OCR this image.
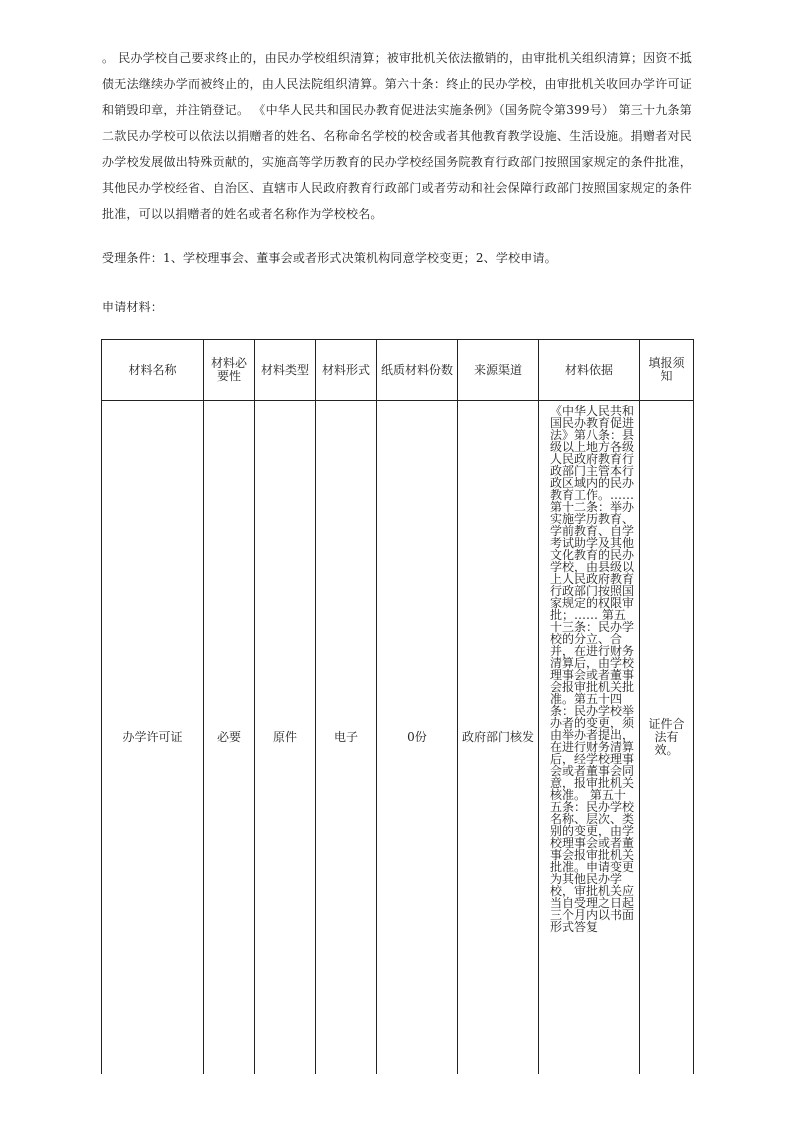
。 民办学校自己要求终止的，由民办学校组织清算；被审批机关依法撤销的，由审批机关组织清算；因资不抵债无法继续办学而被终止的，由人民法院组织清算。第六十条：终止的民办学校，由审批机关收回办学许可证和销毁印章，并注销登记。 《中华人民共和国民办教育促进法实施条例》（国务院令第399号） 第三十九条第二款民办学校可以依法以捐赠者的姓名、名称命名学校的校舍或者其他教育教学设施、生活设施。捐赠者对民办学校发展做出特殊贡献的，实施高等学历教育的民办学校经国务院教育行政部门按照国家规定的条件批准，其他民办学校经省、自治区、直辖市人民政府教育行政部门或者劳动和社会保障行政部门按照国家规定的条件批准，可以以捐赠者的姓名或者名称作为学校校名。

受理条件：1、学校理事会、董事会或者形式决策机构同意学校变更；2、学校申请。

申请材料：

材料名称	材料必要性	材料类型	材料形式	纸质材料份数	来源渠道	材料依据	填报须知
办学许可证	必要	原件	电子	0份	政府部门核发	《中华人民共和国民办教育促进法》第八条：县级以上地方各级人民政府教育行政部门主管本行政区域内的民办教育工作。…… 第十二条：举办实施学历教育、学前教育、自学考试助学及其他文化教育的民办学校，由县级以上人民政府教育行政部门按照国家规定的权限审批；…… 第五十三条：民办学校的分立、合并，在进行财务清算后，由学校理事会或者董事会报审批机关批准。第五十四条：民办学校举办者的变更，须由举办者提出，在进行财务清算后，经学校理事会或者董事会同意，报审批机关核准。 第五十五条：民办学校名称、层次、类别的变更，由学校理事会或者董事会报审批机关批准。申请变更为其他民办学校，审批机关应当自受理之日起三个月内以书面形式答复	证件合法有效。
